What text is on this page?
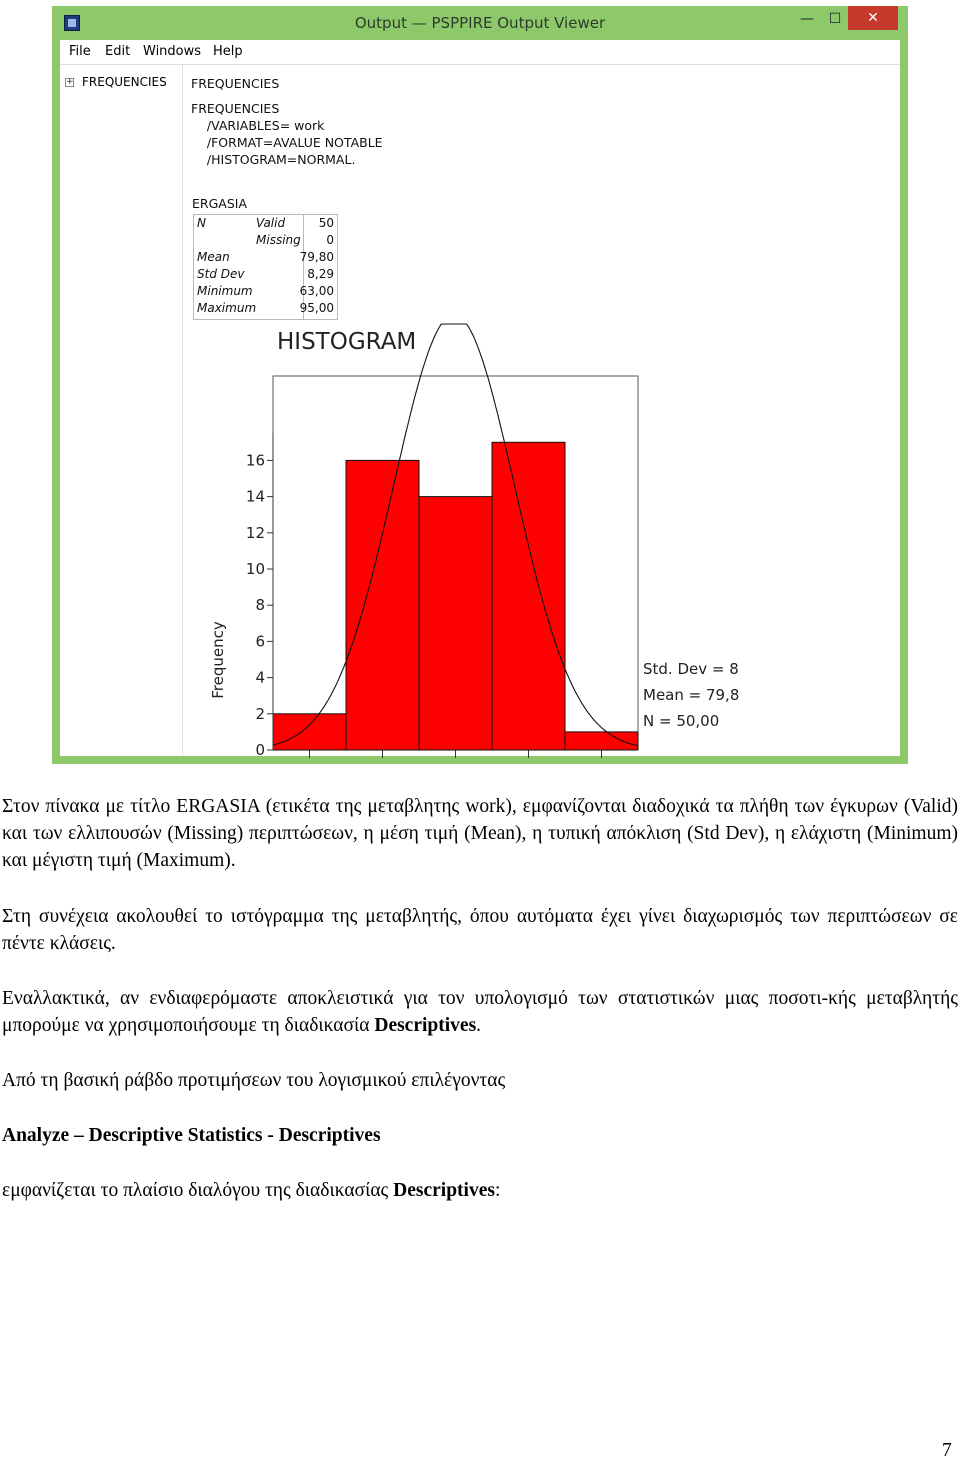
Output — PSPPIRE Output Viewer	—	☐	✕
File Edit Windows Help
+ FREQUENCIES FREQUENCIES
FREQUENCIES
/VARIABLES= work
/FORMAT=AVALUE NOTABLE
/HISTOGRAM=NORMAL.
ERGASIA
N	Valid	50
Missing 0
Mean	79,80
Std Dev	8,29
Minimum	63,00
Maximum	95,00
0
2
4
6
8
10
12
14
16
HISTOGRAM
Frequency	Std. Dev = 8
Mean = 79,8
N = 50,00
Στον πίνακα με τίτλο ERGASIA (ετικέτα της μεταβλητης work), εμφανίζονται διαδοχικά τα πλήθη των έγκυρων (Valid) και των ελλιπουσών (Missing) περιπτώσεων, η μέση τιμή (Mean), η τυπική απόκλιση (Std Dev), η ελάχιστη (Minimum) και μέγιστη τιμή (Maximum).
Στη συνέχεια ακολουθεί το ιστόγραμμα της μεταβλητής, όπου αυτόματα έχει γίνει διαχωρισμός των περιπτώσεων σε πέντε κλάσεις.
Εναλλακτικά, αν ενδιαφερόμαστε αποκλειστικά για τον υπολογισμό των στατιστικών μιας ποσοτι-κής μεταβλητής μπορούμε να χρησιμοποιήσουμε τη διαδικασία Descriptives.
Από τη βασική ράβδο προτιμήσεων του λογισμικού επιλέγοντας
Analyze – Descriptive Statistics - Descriptives
εμφανίζεται το πλαίσιο διαλόγου της διαδικασίας Descriptives:
7
